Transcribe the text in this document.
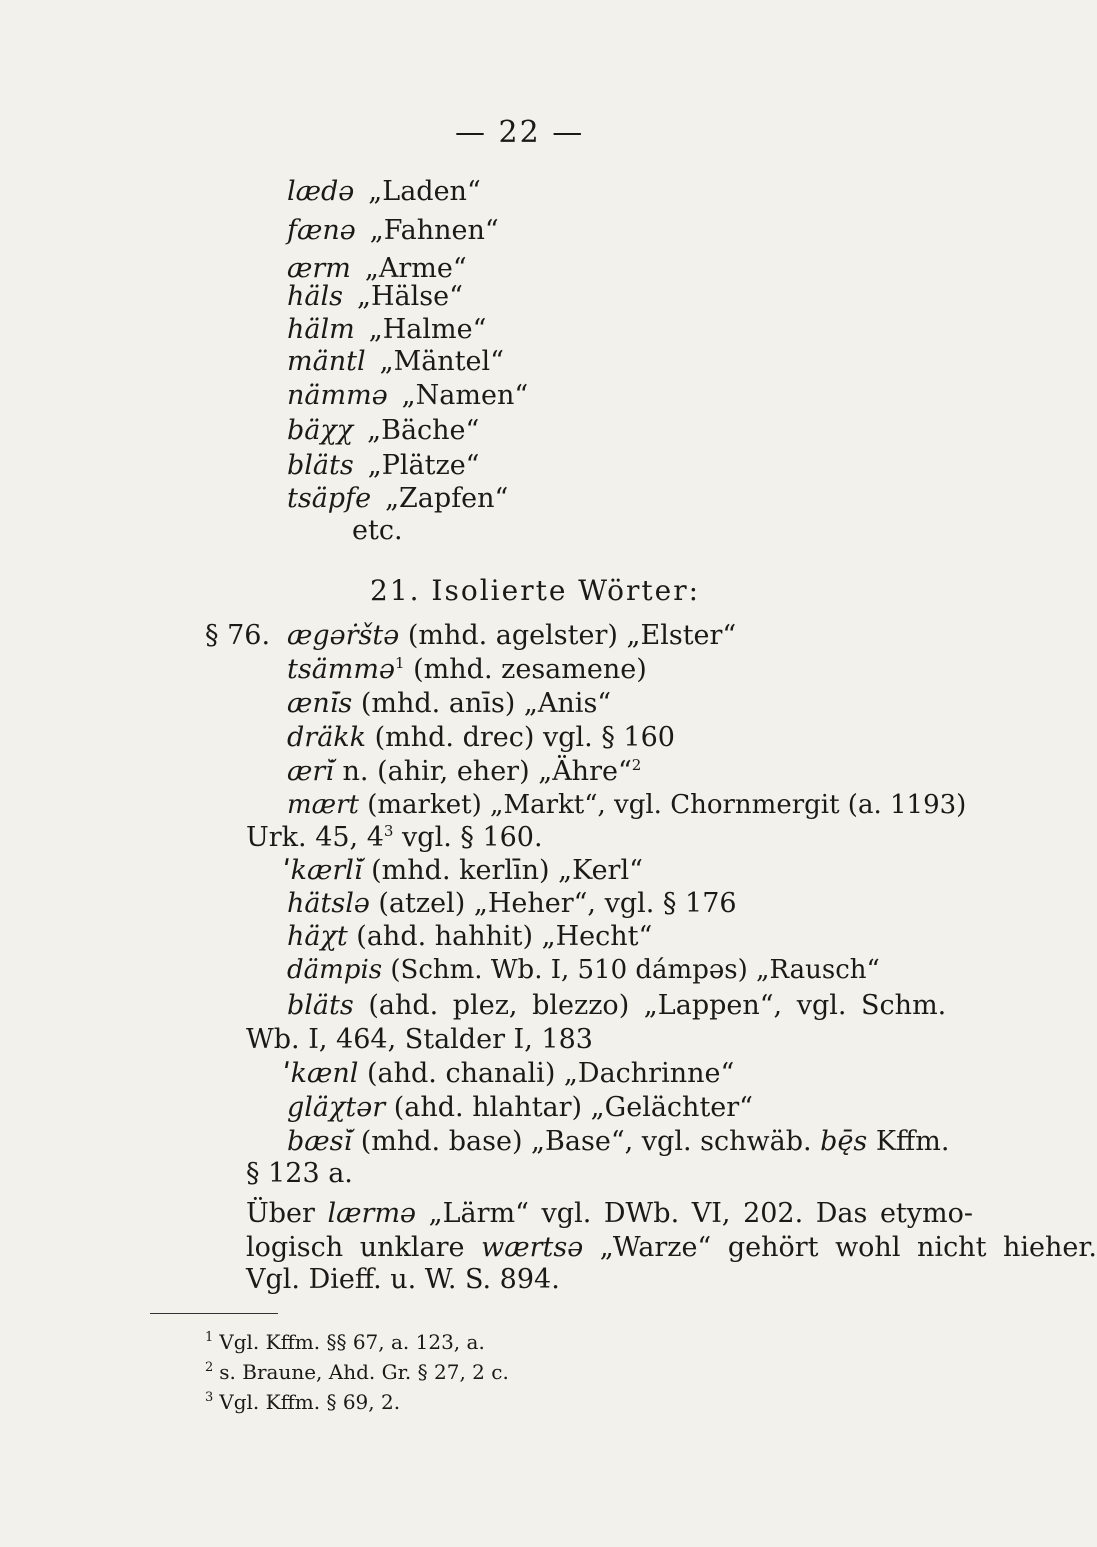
— 22 —
lædə „Laden“
fænə „Fahnen“
ærm „Arme“
häls „Hälse“
hälm „Halme“
mäntl „Mäntel“
nämmə „Namen“
bäχχ „Bäche“
bläts „Plätze“
tsäpfe „Zapfen“
etc.
21. Isolierte Wörter:
§ 76. ægəṙštə (mhd. agelster) „Elster“
tsämmə$^1$ (mhd. zesamene)
æni̇̄s (mhd. anīs) „Anis“
dräkk (mhd. drec) vgl. § 160
æri̇̆ n. (ahir, eher) „Ähre“$^2$
mært (market) „Markt“, vgl. Chornmergit (a. 1193)
Urk. 45, $4^3$ vgl. § 160.
ˈkærli̇̆ (mhd. kerlīn) „Kerl“
hätslə (atzel) „Heher“, vgl. § 176
häχt (ahd. hahhit) „Hecht“
dämpis (Schm. Wb. I, 510 dámpəs) „Rausch“
bläts (ahd. plez, blezzo) „Lappen“, vgl. Schm.
Wb. I, 464, Stalder I, 183
ˈkænl (ahd. chanali) „Dachrinne“
gläχtər (ahd. hlahtar) „Gelächter“
bæsi̇̆ (mhd. base) „Base“, vgl. schwäb. bę̄s Kffm.
§ 123 a.
Über lærmə „Lärm“ vgl. DWb. VI, 202. Das etymo-
logisch unklare wærtsə „Warze“ gehört wohl nicht hieher.
Vgl. Dieff. u. W. S. 894.
$^1$ Vgl. Kffm. §§ 67, a. 123, a.
$^2$ s. Braune, Ahd. Gr. § 27, 2 c.
$^3$ Vgl. Kffm. § 69, 2.
